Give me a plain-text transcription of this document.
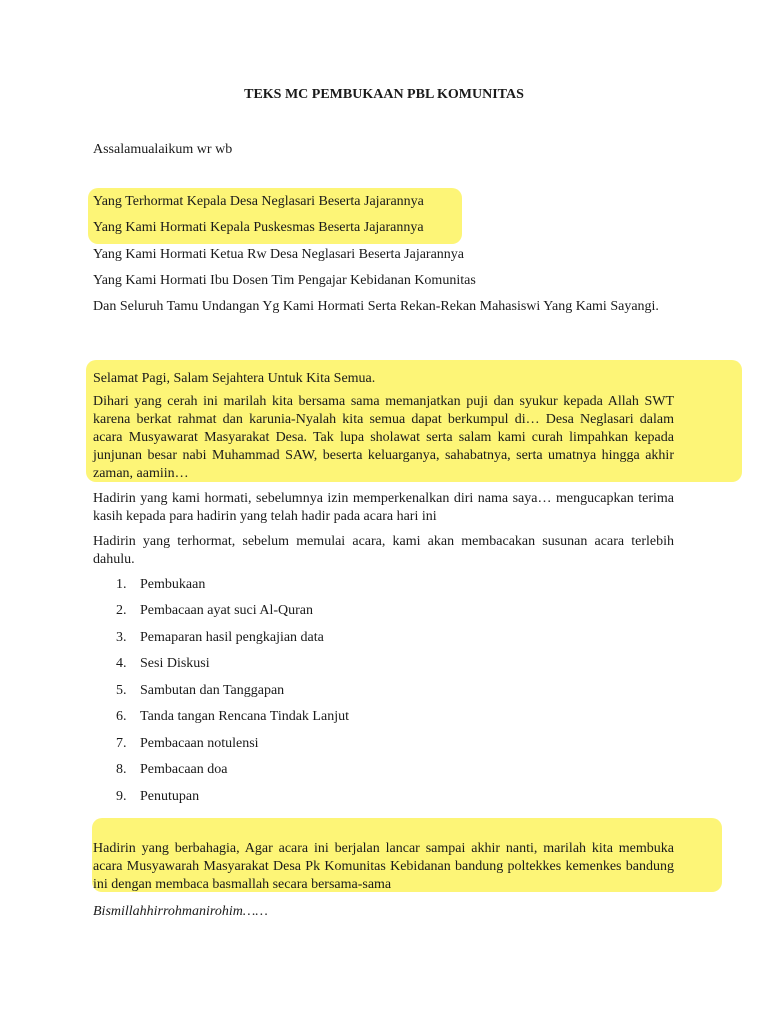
TEKS MC PEMBUKAAN PBL KOMUNITAS

Assalamualaikum wr wb

Yang Terhormat Kepala Desa Neglasari Beserta Jajarannya

Yang Kami Hormati Kepala Puskesmas Beserta Jajarannya

Yang Kami Hormati Ketua Rw Desa Neglasari Beserta Jajarannya

Yang Kami Hormati Ibu Dosen Tim Pengajar Kebidanan Komunitas

Dan Seluruh Tamu Undangan Yg Kami Hormati Serta Rekan-Rekan Mahasiswi Yang Kami Sayangi.

Selamat Pagi, Salam Sejahtera Untuk Kita Semua.

Dihari yang cerah ini marilah kita bersama sama memanjatkan puji dan syukur kepada Allah SWT karena berkat rahmat dan karunia-Nyalah kita semua dapat berkumpul di… Desa Neglasari dalam acara Musyawarat Masyarakat Desa. Tak lupa sholawat serta salam kami curah limpahkan kepada junjunan besar nabi Muhammad SAW, beserta keluarganya, sahabatnya, serta umatnya hingga akhir zaman, aamiin…

Hadirin yang kami hormati, sebelumnya izin memperkenalkan diri nama saya… mengucapkan terima kasih kepada para hadirin yang telah hadir pada acara hari ini

Hadirin yang terhormat, sebelum memulai acara, kami akan membacakan susunan acara terlebih dahulu.

1. Pembukaan
2. Pembacaan ayat suci Al-Quran
3. Pemaparan hasil pengkajian data
4. Sesi Diskusi
5. Sambutan dan Tanggapan
6. Tanda tangan Rencana Tindak Lanjut
7. Pembacaan notulensi
8. Pembacaan doa
9. Penutupan

Hadirin yang berbahagia, Agar acara ini berjalan lancar sampai akhir nanti, marilah kita membuka acara Musyawarah Masyarakat Desa Pk Komunitas Kebidanan bandung poltekkes kemenkes bandung ini dengan membaca basmallah secara bersama-sama

Bismillahhirrohmanirohim……
